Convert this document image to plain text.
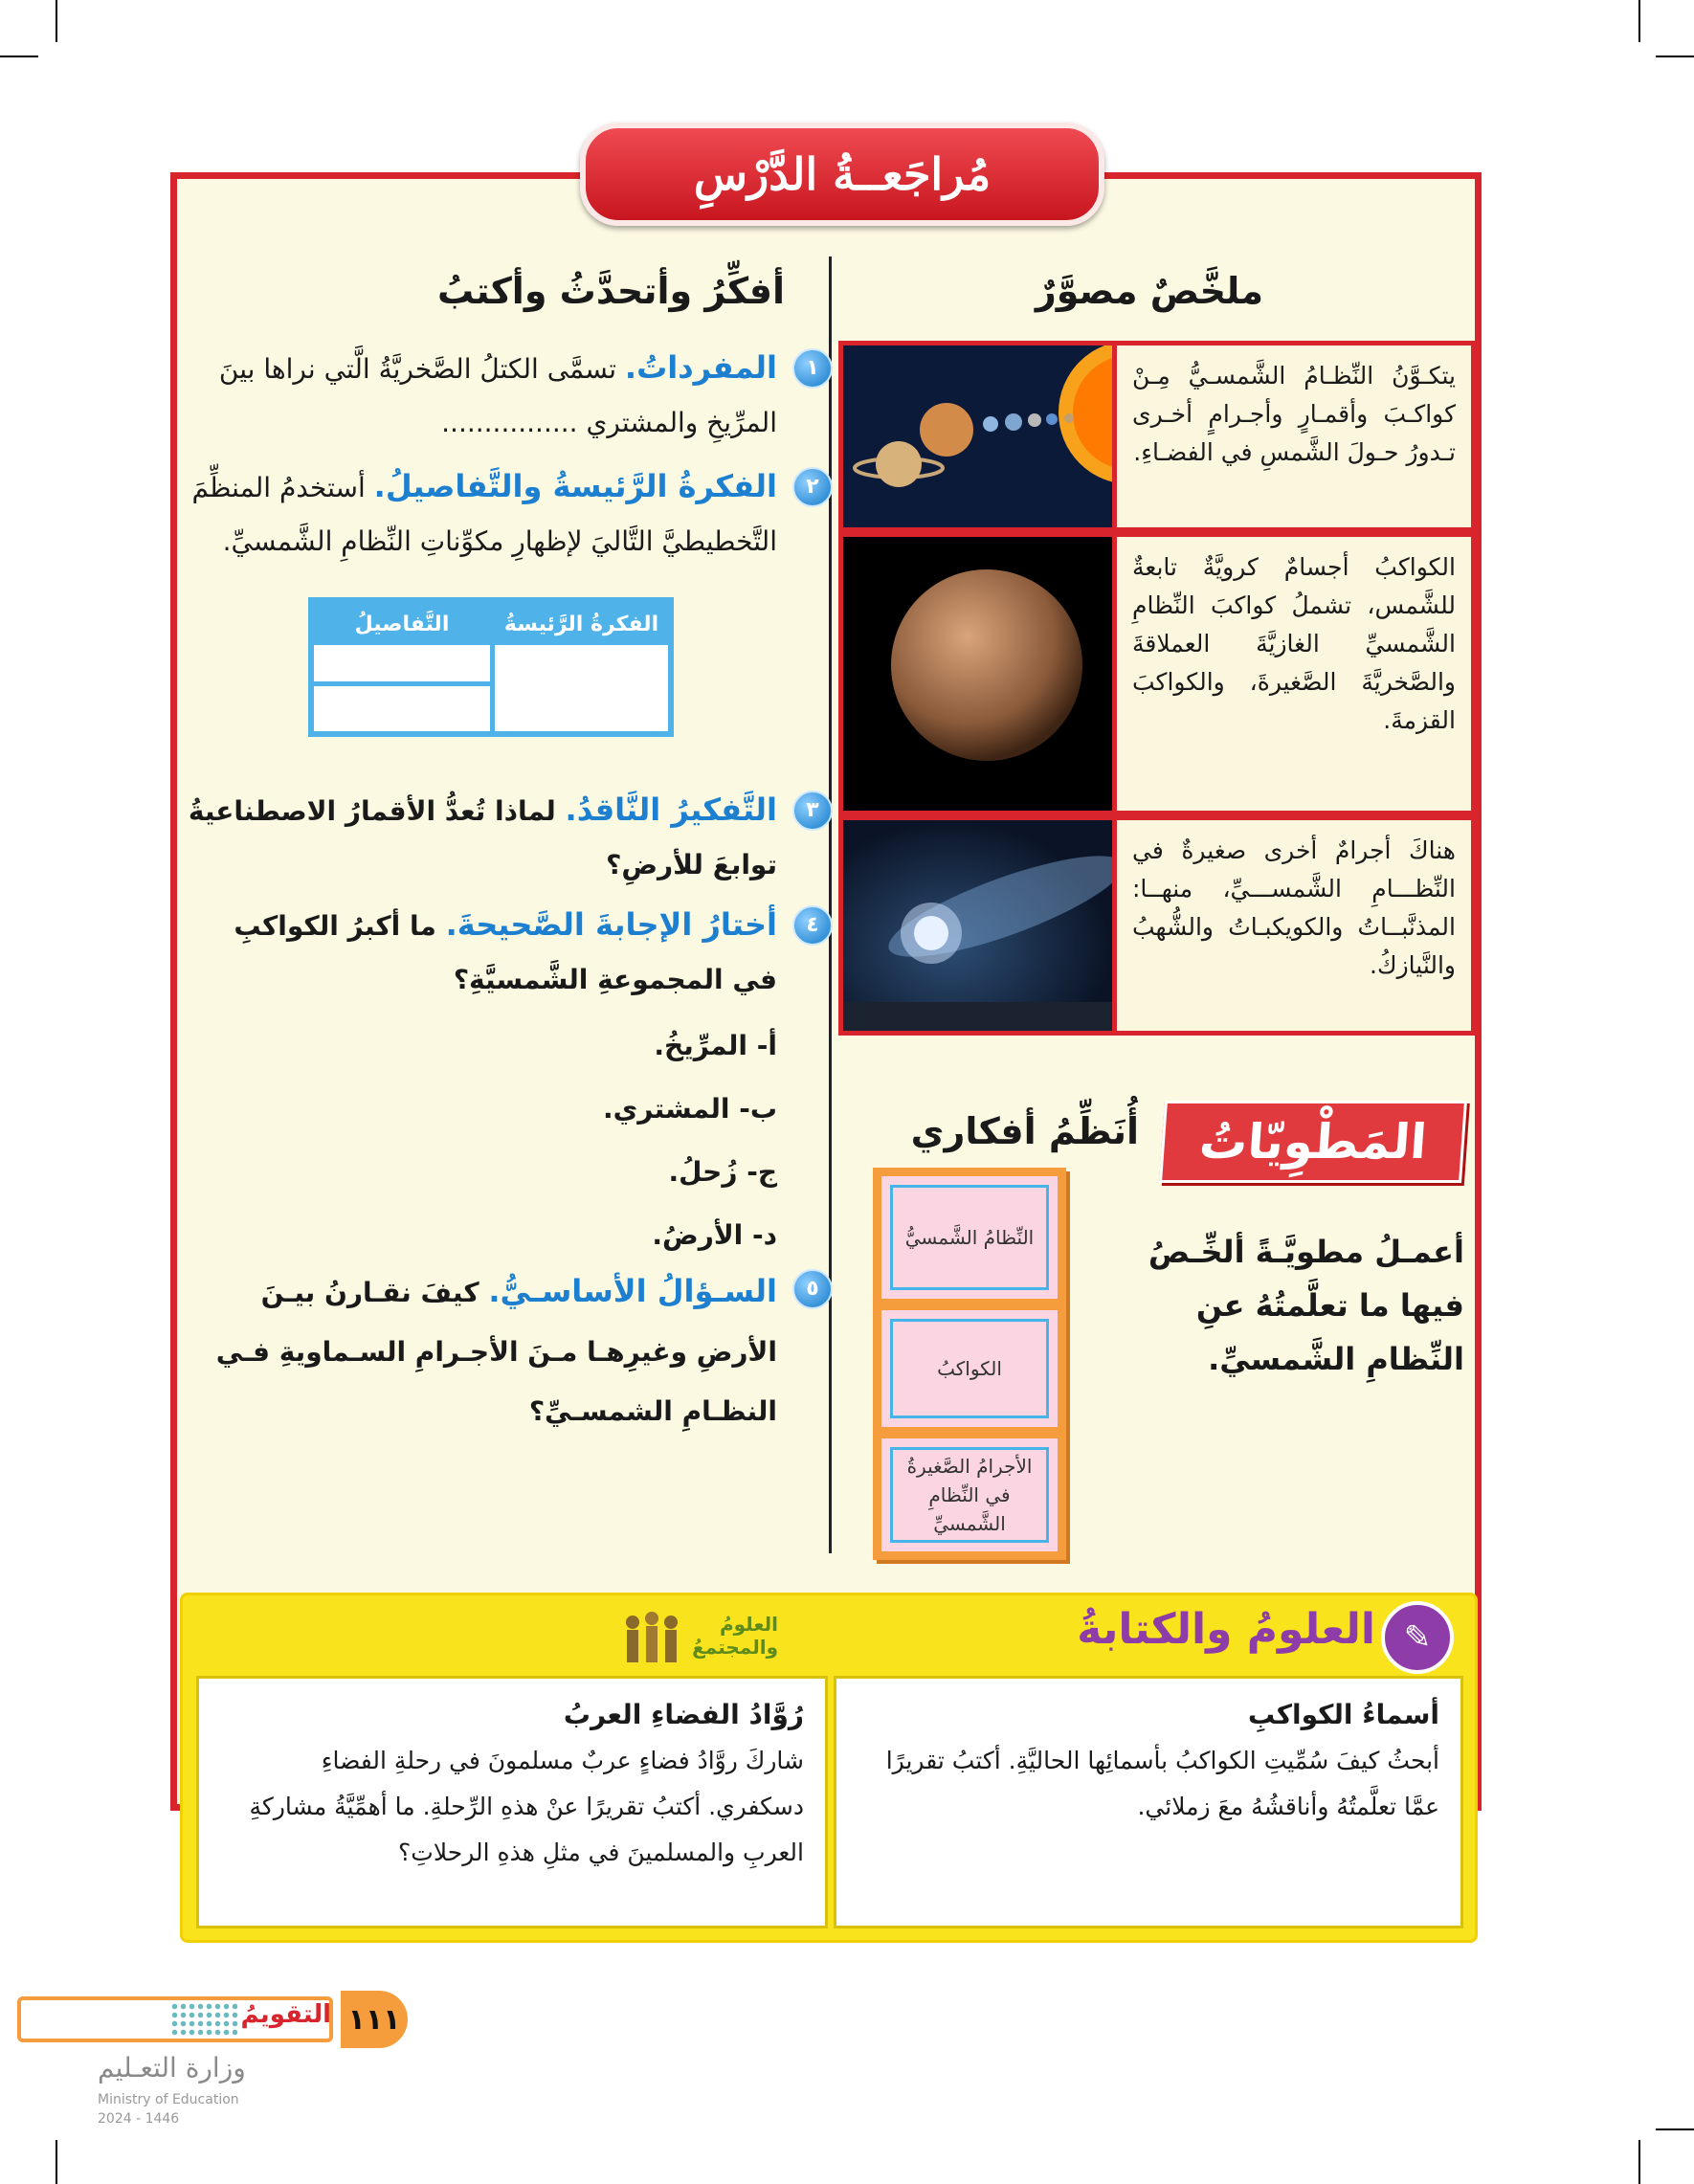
مُراجَعــةُ الدَّرْسِ
ملخَّصٌ مصوَّرٌ
أفكِّرُ وأتحدَّثُ وأكتبُ
يتكـوَّنُ النِّظـامُ الشَّمسـيُّ مِـنْ كواكـبَ وأقمـارٍ وأجـرامٍ أخـرى تـدورُ حـولَ الشَّمسِ في الفضـاءِ.
الكواكبُ أجسامٌ كرويَّةٌ تابعةٌ للشَّمس، تشملُ كواكبَ النِّظامِ الشَّمسيِّ الغازيَّةَ العملاقةَ والصَّخريَّةَ الصَّغيرةَ، والكواكبَ القزمةَ.
هناكَ أجرامٌ أخرى صغيرةٌ في النِّظـــامِ الشَّمســـيِّ، منهــا: المذنَّبــاتُ والكويكبـاتُ والشُّهبُ والنَّيازكُ.
١
المفرداتُ. تسمَّى الكتلُ الصَّخريَّةُ الَّتي نراها بينَ المرِّيخِ والمشتري ................
٢
الفكرةُ الرَّئيسةُ والتَّفاصيلُ. أستخدمُ المنظِّمَ التَّخطيطيَّ التَّاليَ لإظهارِ مكوِّناتِ النِّظامِ الشَّمسيِّ.
الفكرةُ الرَّئيسةُ
التَّفاصيلُ
٣
التَّفكيرُ النَّاقدُ. لماذا تُعدُّ الأقمارُ الاصطناعيةُ توابعَ للأرضِ؟
٤
أختارُ الإجابةَ الصَّحيحةَ. ما أكبرُ الكواكبِ في المجموعةِ الشَّمسيَّةِ؟
أ- المرِّيخُ.
ب- المشتري.
ج- زُحلُ.
د- الأرضُ.
٥
السـؤالُ الأساسـيُّ. كيفَ نقـارنُ بيـنَ الأرضِ وغيرِهـا مـنَ الأجـرامِ السـماويةِ فـي النظـامِ الشمسـيِّ؟
المَطْوِيّاتُ
أُنَظِّمُ أفكاري
أعمـلُ مطويَّـةً ألخِّـصُ فيها ما تعلَّمتُهُ عنِ النِّظامِ الشَّمسيِّ.
النِّظامُ الشَّمسيُّ
الكواكبُ
الأجرامُ الصَّغيرةُ في النِّظامِ الشَّمسيِّ
✎
العلومُ والكتابةُ
العلومُ والمجتمعُ
أسماءُ الكواكبِ
أبحثُ كيفَ سُمِّيتِ الكواكبُ بأسمائِها الحاليَّةِ. أكتبُ تقريرًا عمَّا تعلَّمتُهُ وأناقشُهُ معَ زملائي.
رُوَّادُ الفضاءِ العربُ
شاركَ روَّادُ فضاءٍ عربٌ مسلمونَ في رحلةِ الفضاءِ دسكفري. أكتبُ تقريرًا عنْ هذهِ الرِّحلةِ. ما أهمِّيَّةُ مشاركةِ العربِ والمسلمينَ في مثلِ هذهِ الرحلاتِ؟
١١١
التقويمُ
وزارة التعـليم
Ministry of Education
2024 - 1446
